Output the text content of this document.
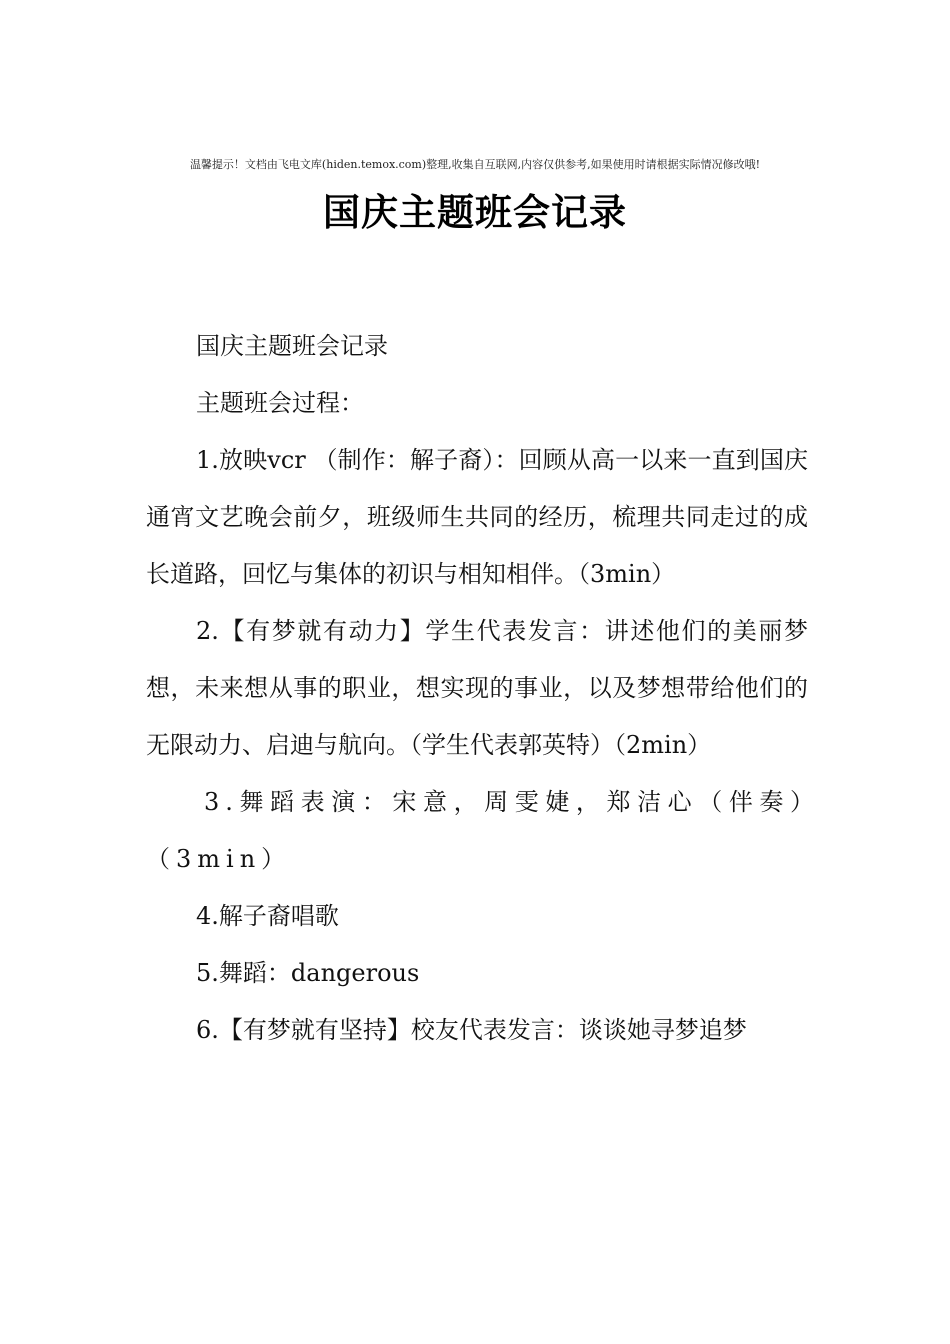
温馨提示！文档由飞电文库(hiden.temox.com)整理,收集自互联网,内容仅供参考,如果使用时请根据实际情况修改哦!
国庆主题班会记录

国庆主题班会记录

主题班会过程：

1.放映vcr （制作：解子裔）：回顾从高一以来一直到国庆通宵文艺晚会前夕，班级师生共同的经历，梳理共同走过的成长道路，回忆与集体的初识与相知相伴。（3min）

2.【有梦就有动力】学生代表发言：讲述他们的美丽梦想，未来想从事的职业，想实现的事业，以及梦想带给他们的无限动力、启迪与航向。（学生代表郭英特）（2min）

3.舞蹈表演：宋意，周雯婕，郑洁心（伴奏）（3min）

4.解子裔唱歌

5.舞蹈：dangerous

6.【有梦就有坚持】校友代表发言：谈谈她寻梦追梦
